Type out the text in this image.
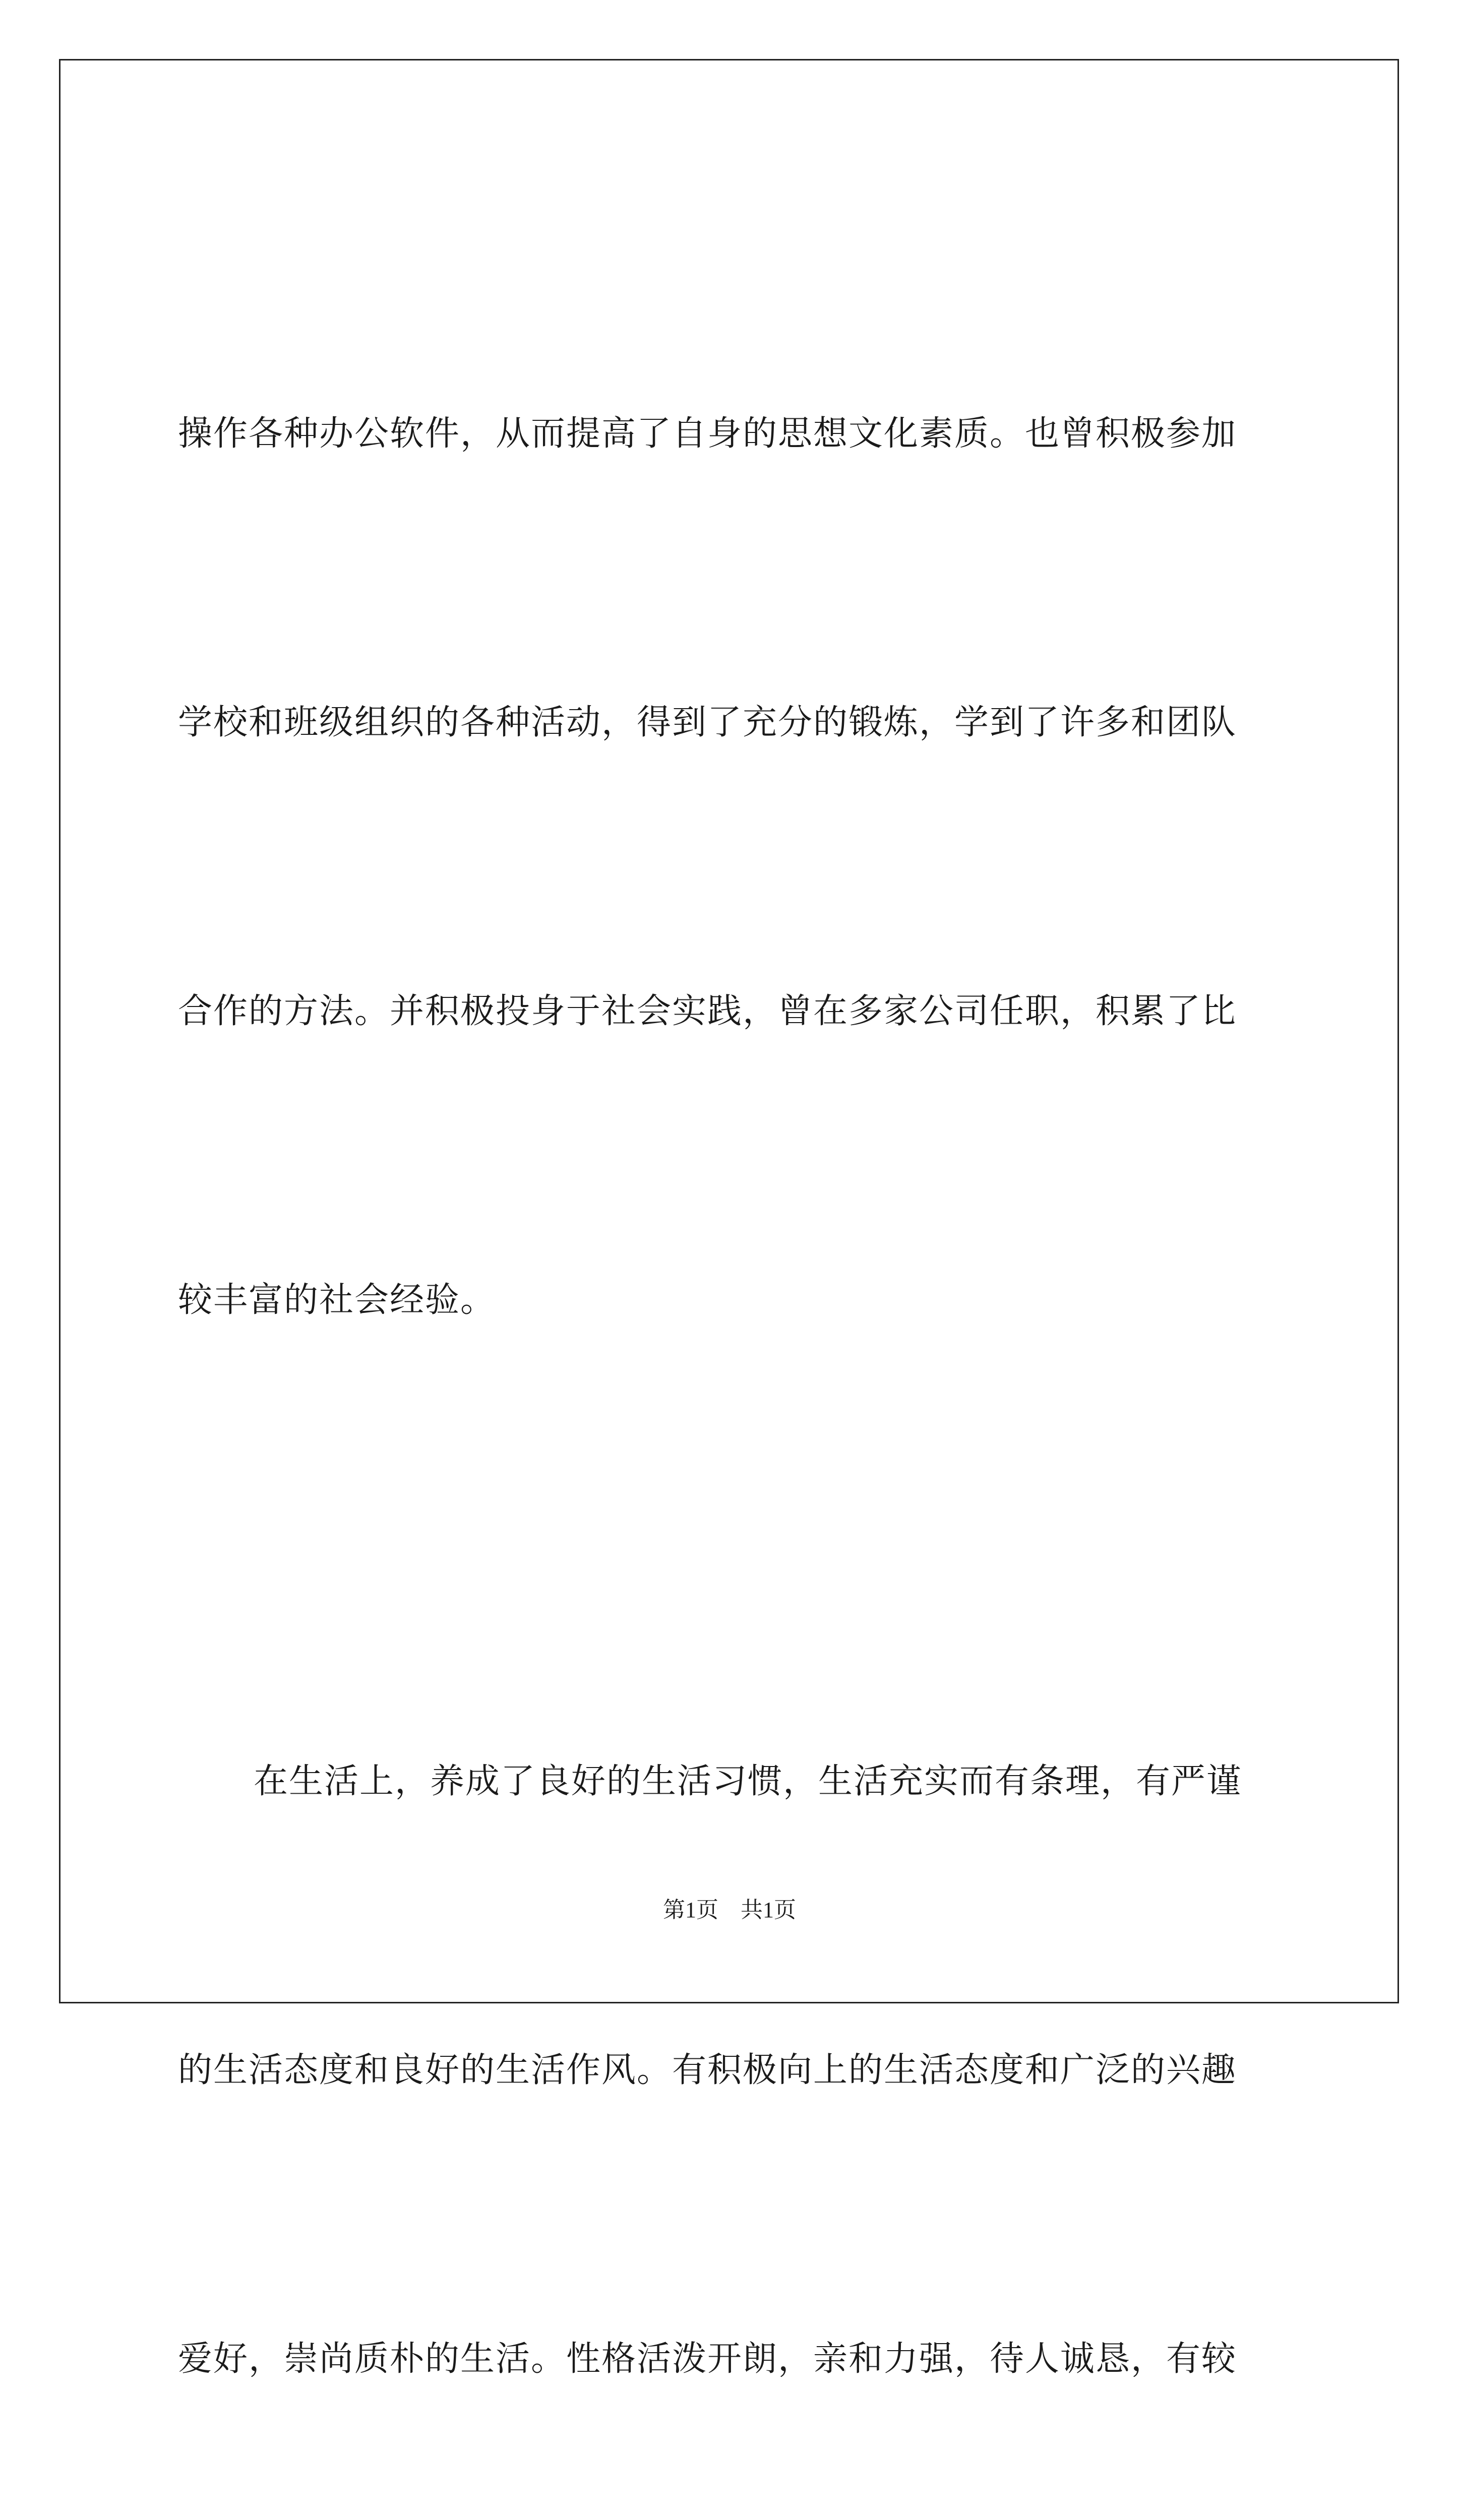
操作各种办公软件，从而提高了自身的思想文化素质。也曾积极参加

学校和班级组织的各种活动，得到了充分的锻炼，学到了许多和团队

合作的方法。并积极投身于社会实践，曾在多家公司任职，积累了比

较丰富的社会经验。

在生活上，养成了良好的生活习惯，生活充实而有条理，有严谨

的生活态度和良好的生活作风。有积极向上的生活态度和广泛的兴趣

爱好，崇尚质朴的生活。性格活泼开朗，亲和力强，待人诚恳，有较

第1页　共1页
